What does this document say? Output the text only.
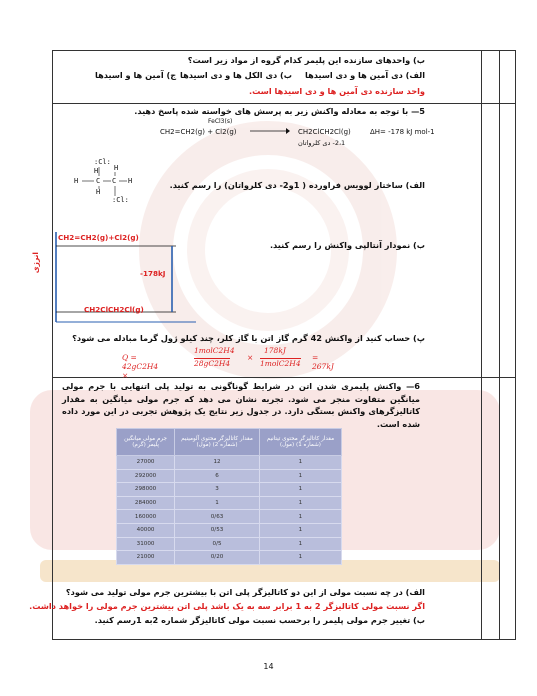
ب) واحدهای سازنده این پلیمر کدام گروه از مواد زیر است؟
الف) دی آمین ها و دی اسیدها
ب) دی الکل ها و دی اسیدها
ج) آمین ها و اسیدها
واحد سازنده دی آمین ها و دی اسیدها است.
5— با توجه به معادله واکنش زیر به پرسش های خواسته شده پاسخ دهید.
FeCl3(s)
CH2=CH2(g) + Cl2(g) → CH2ClCH2Cl(g)	ΔH= -178 kJ mol-1
2،1- دی کلرواتان
الف) ساختار لوویس فراورده ( 1و2- دی کلرواتان) را رسم کنید.
:Cl:
H H
H	C C H
H
:Cl:
ب) نمودار آنتالپی واکنش را رسم کنید.
CH2=CH2(g)+Cl2(g)
-178kJ
CH2ClCH2Cl(g)
انرژی
پ) حساب کنید از واکنش 42 گرم گاز اتن با گاز کلر، چند کیلو ژول گرما مبادله می شود؟
Q = 42gC2H4 ×
1molC2H4
28gC2H4
×
178kJ
1molC2H4
= 267kJ
6— واکنش پلیمری شدن اتن در شرایط گوناگونی به تولید پلی اتنهایی با جرم مولی میانگین متفاوت منجر می شود. تجربه نشان می دهد که جرم مولی میانگین به مقدار کاتالیزگرهای واکنش بستگی دارد. در جدول زیر نتایج یک پژوهش تجربی در این مورد داده شده است.
مقدار کاتالیزگر محتوی تیتانیم (شماره 1) (مول)	مقدار کاتالیزگر محتوی آلومینیم (شماره 2) (مول)	جرم مولی میانگین پلیمر (گرم)
1	12	27000
1	6	292000
1	3	298000
1	1	284000
1	0/63	160000
1	0/53	40000
1	0/5	31000
1	0/20	21000
الف) در چه نسبت مولی از این دو کاتالیزگر پلی اتن با بیشترین جرم مولی تولید می شود؟
اگر نسبت مولی کاتالیزگر 2 به 1 برابر سه به یک باشد پلی اتن بیشترین جرم مولی را خواهد داشت.
ب) تغییر جرم مولی پلیمر را برحسب نسبت مولی کاتالیزگر شماره 2به 1رسم کنید.
14
